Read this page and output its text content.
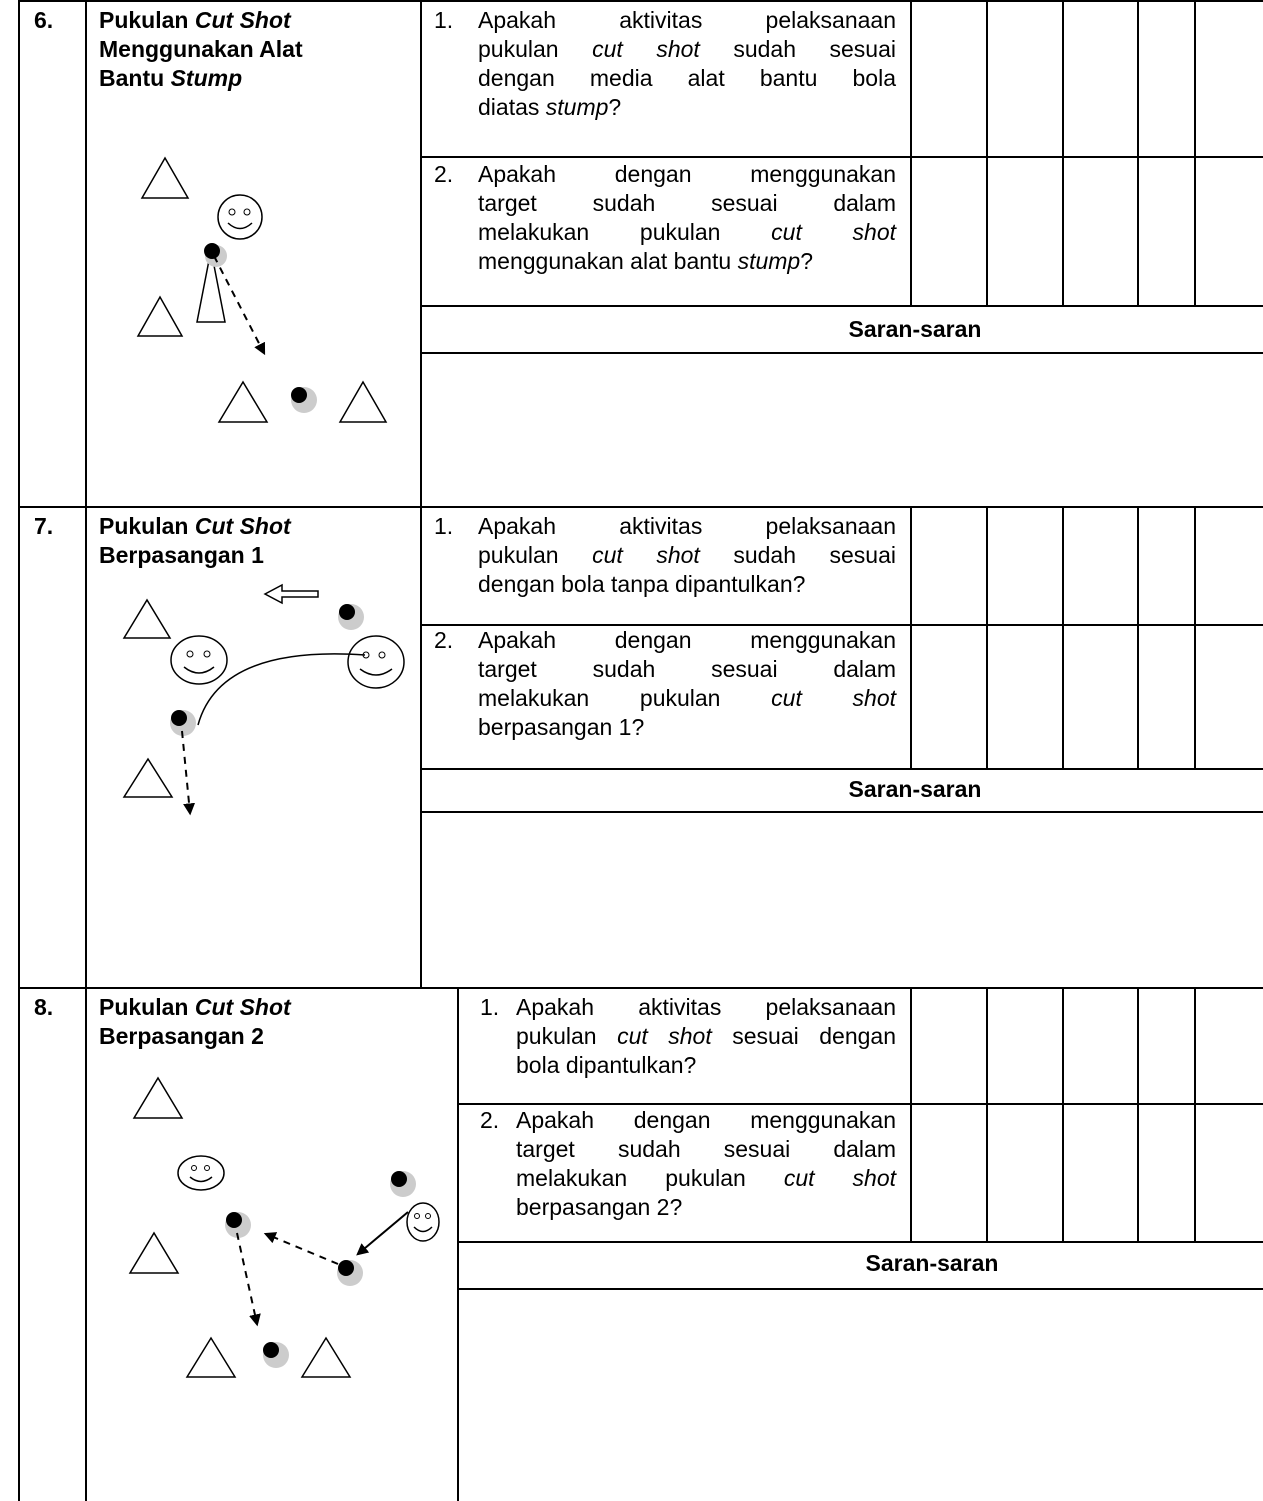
6. Pukulan Cut Shot
Menggunakan Alat
Bantu Stump
1. Apakah aktivitas pelaksanaan
pukulan cut shot sudah sesuai
dengan media alat bantu bola
diatas stump?
2. Apakah dengan menggunakan
target sudah sesuai dalam
melakukan pukulan cut shot
menggunakan alat bantu stump?
Saran-saran
7. Pukulan Cut Shot
Berpasangan 1
1. Apakah aktivitas pelaksanaan
pukulan cut shot sudah sesuai
dengan bola tanpa dipantulkan?
2. Apakah dengan menggunakan
target sudah sesuai dalam
melakukan pukulan cut shot
berpasangan 1?
Saran-saran
8. Pukulan Cut Shot
Berpasangan 2
1. Apakah aktivitas pelaksanaan
pukulan cut shot sesuai dengan
bola dipantulkan?
2. Apakah dengan menggunakan
target sudah sesuai dalam
melakukan pukulan cut shot
berpasangan 2?
Saran-saran
